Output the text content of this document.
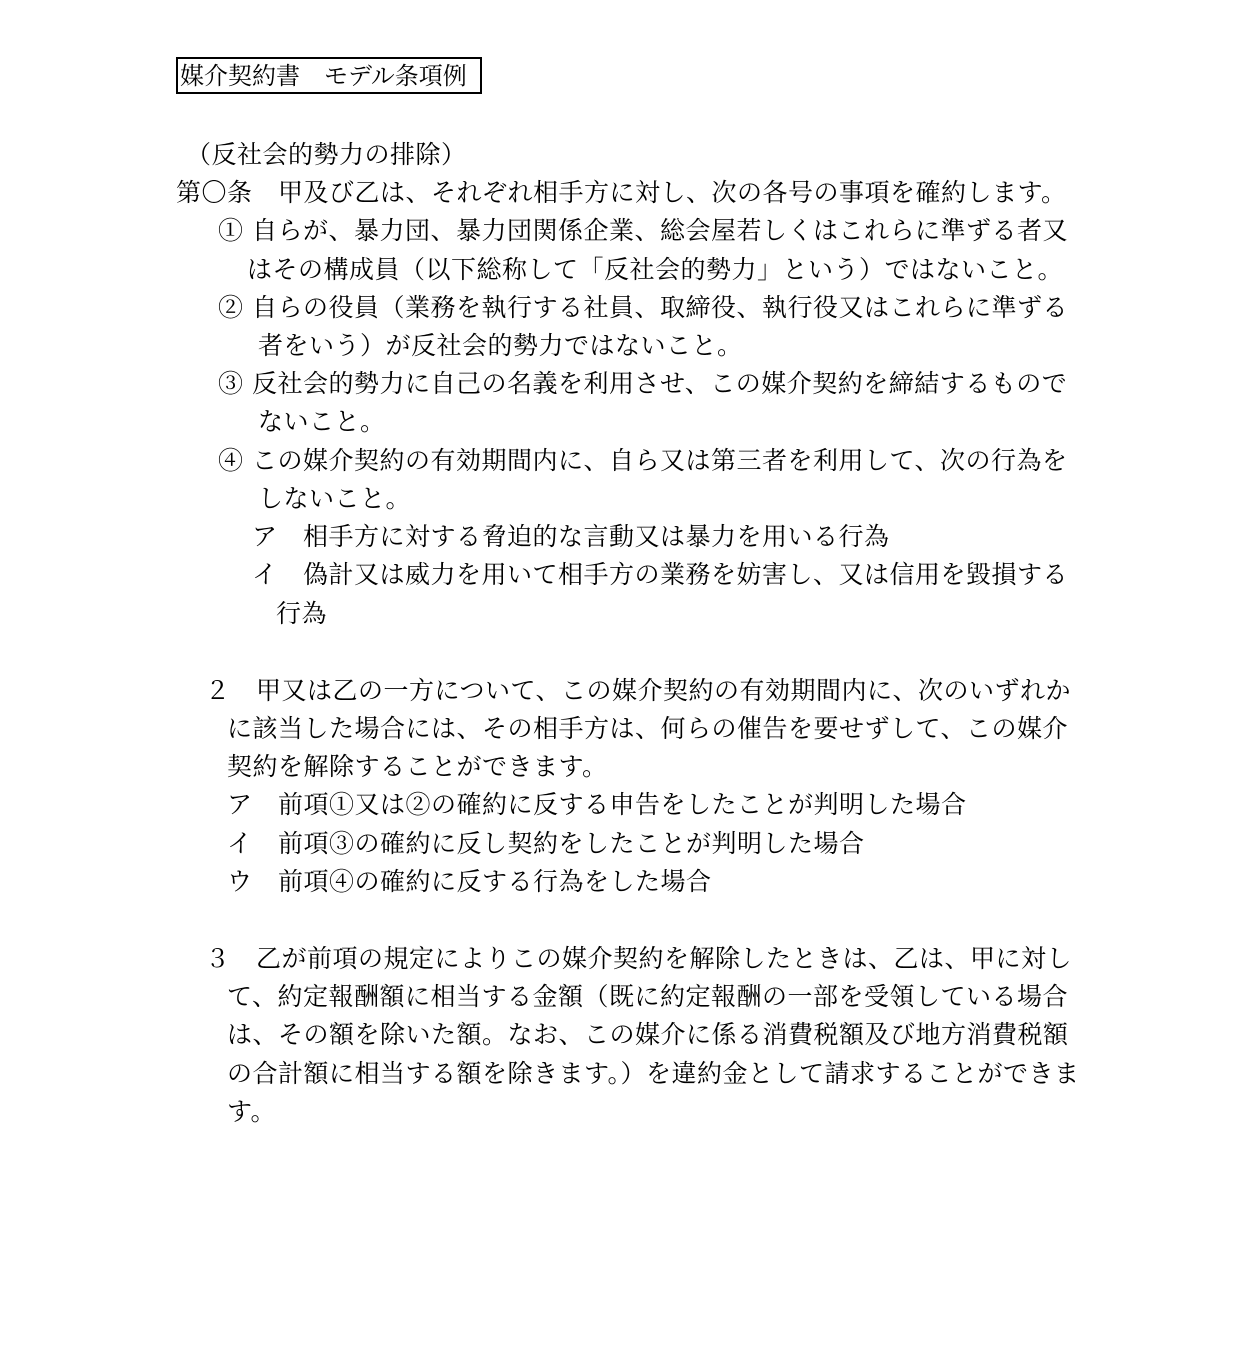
媒介契約書　モデル条項例
（反社会的勢力の排除）
第〇条　甲及び乙は、それぞれ相手方に対し、次の各号の事項を確約します。
① 自らが、暴力団、暴力団関係企業、総会屋若しくはこれらに準ずる者又
はその構成員（以下総称して「反社会的勢力」という）ではないこと。
② 自らの役員（業務を執行する社員、取締役、執行役又はこれらに準ずる
者をいう）が反社会的勢力ではないこと。
③ 反社会的勢力に自己の名義を利用させ、この媒介契約を締結するもので
ないこと。
④ この媒介契約の有効期間内に、自ら又は第三者を利用して、次の行為を
しないこと。
ア　相手方に対する脅迫的な言動又は暴力を用いる行為
イ　偽計又は威力を用いて相手方の業務を妨害し、又は信用を毀損する
行為
２　甲又は乙の一方について、この媒介契約の有効期間内に、次のいずれか
に該当した場合には、その相手方は、何らの催告を要せずして、この媒介
契約を解除することができます。
ア　前項①又は②の確約に反する申告をしたことが判明した場合
イ　前項③の確約に反し契約をしたことが判明した場合
ウ　前項④の確約に反する行為をした場合
３　乙が前項の規定によりこの媒介契約を解除したときは、乙は、甲に対し
て、約定報酬額に相当する金額（既に約定報酬の一部を受領している場合
は、その額を除いた額。なお、この媒介に係る消費税額及び地方消費税額
の合計額に相当する額を除きます。）を違約金として請求することができま
す。
